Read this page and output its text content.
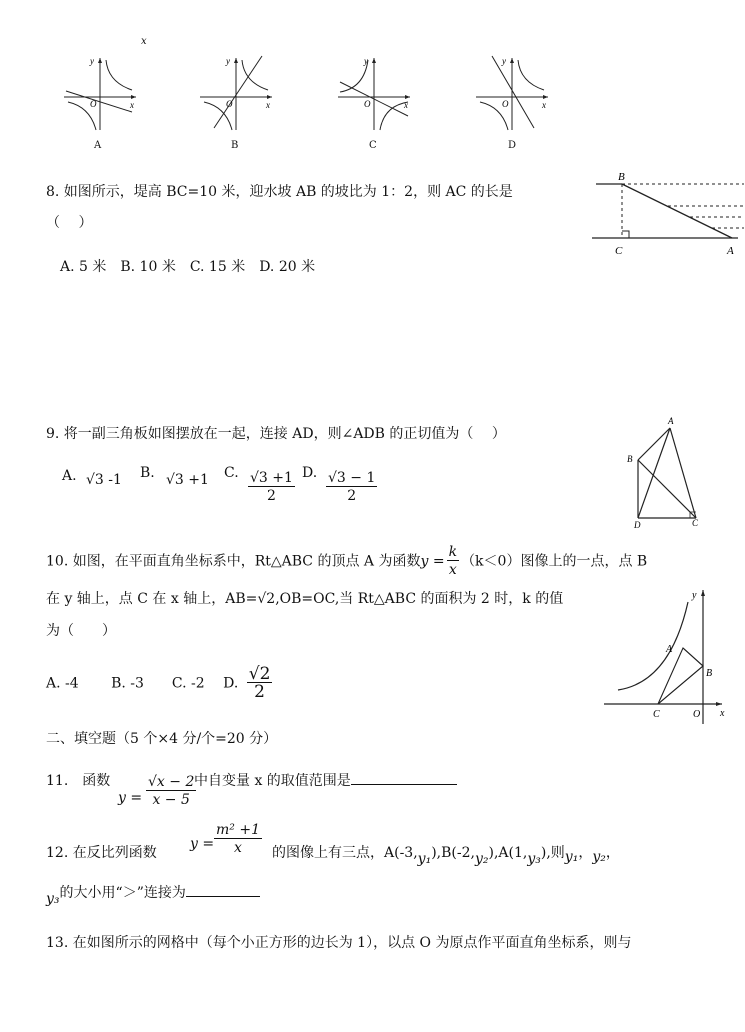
x
y
x
O
A
y
x
O
B
y
x
O
C
y
x
O
D
8. 如图所示，堤高 BC=10 米，迎水坡 AB 的坡比为 1：2，则 AC 的长是
（　 ）
A. 5 米　B. 10 米　C. 15 米　D. 20 米
B
C	A
9. 将一副三角板如图摆放在一起，连接 AD，则∠ADB 的正切值为（　 ）
A. √3 -1 B. √3 +1 C. $\frac{√3 +1}{2} D$. $\frac{√3 - 1}{2}$
A
B
D	C
10. 如图，在平面直角坐标系中，Rt△ABC 的顶点 A 为函数$y = \frac{k}{x} (k<0)$图像上的一点，点 B
在 y 轴上，点 C 在 x 轴上，AB=√2,OB=OC,当 Rt△ABC 的面积为 2 时，k 的值
为（　　）
A. -4　　 B. -3　　C. -2　 D. $\frac{√2}{2}$
y
x
A
B
C	O
二、填空题（5 个×4 分/个=20 分）
11.　函数
$y = \frac{√x - 2}{x - 5}$
中自变量 x 的取值范围是
12. 在反比列函数
$y = \frac{\text{m² +1}}{x}$ 的图像上有三点，A(-3,y₁),B(-2,y₂),A(1,y₃),则y₁，y₂，
y₃的大小用“＞”连接为
13. 在如图所示的网格中（每个小正方形的边长为 1），以点 O 为原点作平面直角坐标系，则与
